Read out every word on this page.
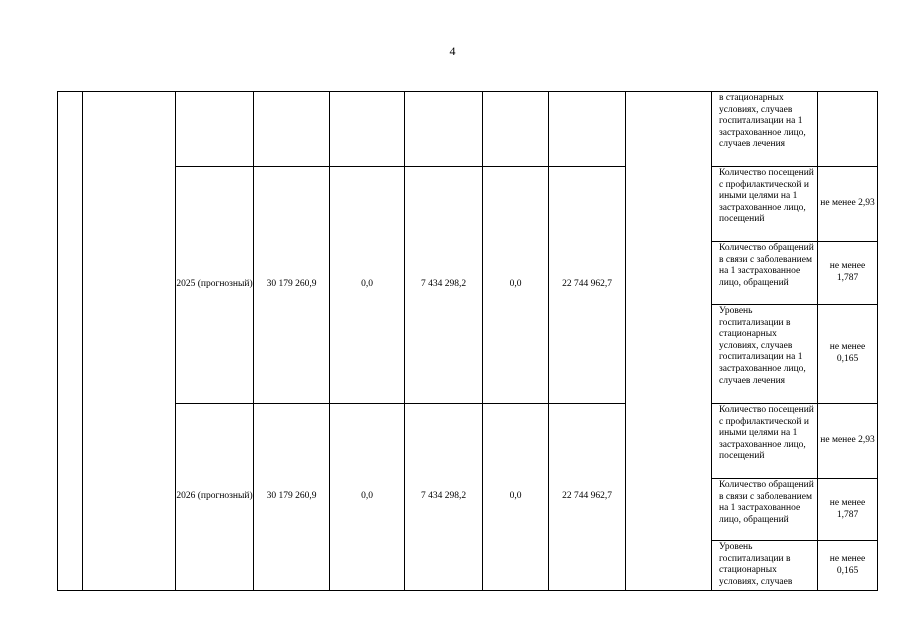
4
									в стационарных условиях, случаев госпитализации на 1 застрахованное лицо, случаев лечения	

		2025 (прогнозный)	30 179 260,9	0,0	7 434 298,2	0,0	22 744 962,7		Количество посещений с профилактической и иными целями на 1 застрахованное лицо, посещений	не менее 2,93
									Количество обращений в связи с заболеванием на 1 застрахованное лицо, обращений	не менее 1,787
									Уровень госпитализации в стационарных условиях, случаев госпитализации на 1 застрахованное лицо, случаев лечения	не менее 0,165

		2026 (прогнозный)	30 179 260,9	0,0	7 434 298,2	0,0	22 744 962,7		Количество посещений с профилактической и иными целями на 1 застрахованное лицо, посещений	не менее 2,93
									Количество обращений в связи с заболеванием на 1 застрахованное лицо, обращений	не менее 1,787
									Уровень госпитализации в стационарных условиях, случаев	не менее 0,165
